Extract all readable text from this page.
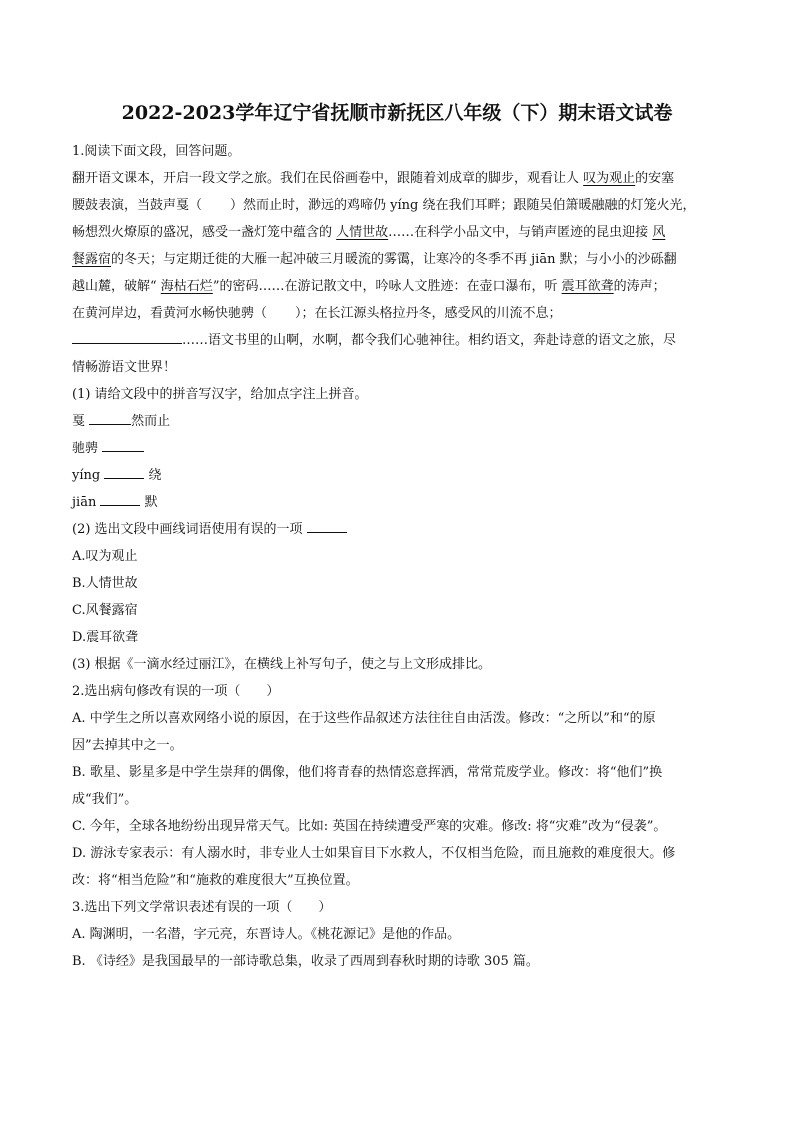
2022-2023学年辽宁省抚顺市新抚区八年级（下）期末语文试卷
1.阅读下面文段，回答问题。
翻开语文课本，开启一段文学之旅。我们在民俗画卷中，跟随着刘成章的脚步，观看让人 叹为观止的安塞
腰鼓表演，当鼓声戛（ ）然而止时，渺远的鸡啼仍 yíng 绕在我们耳畔；跟随吴伯箫暖融融的灯笼火光，
畅想烈火燎原的盛况，感受一盏灯笼中蕴含的 人情世故……在科学小品文中，与销声匿迹的昆虫迎接 风
餐露宿的冬天；与定期迁徙的大雁一起冲破三月暖流的雾霭，让寒冷的冬季不再 jiān 默；与小小的沙砾翻
越山麓，破解“ 海枯石烂”的密码……在游记散文中，吟咏人文胜迹：在壶口瀑布，听 震耳欲聋的涛声；
在黄河岸边，看黄河水畅快驰骋（ ）；在长江源头格拉丹冬，感受风的川流不息；
……语文书里的山啊，水啊，都令我们心驰神往。相约语文，奔赴诗意的语文之旅，尽
情畅游语文世界！
(1) 请给文段中的拼音写汉字，给加点字注上拼音。
戛	然而止
驰骋
yíng	绕
jiān	默
(2) 选出文段中画线词语使用有误的一项
A.叹为观止
B.人情世故
C.风餐露宿
D.震耳欲聋
(3) 根据《一滴水经过丽江》，在横线上补写句子，使之与上文形成排比。
2.选出病句修改有误的一项（　　）
A. 中学生之所以喜欢网络小说的原因，在于这些作品叙述方法往往自由活泼。修改：“之所以”和“的原
因”去掉其中之一。
B. 歌星、影星多是中学生崇拜的偶像，他们将青春的热情恣意挥洒，常常荒废学业。修改：将“他们”换
成“我们”。
C. 今年，全球各地纷纷出现异常天气。比如: 英国在持续遭受严寒的灾难。修改: 将“灾难”改为“侵袭”。
D. 游泳专家表示：有人溺水时，非专业人士如果盲目下水救人，不仅相当危险，而且施救的难度很大。修
改：将“相当危险”和“施救的难度很大”互换位置。
3.选出下列文学常识表述有误的一项（　　）
A. 陶渊明，一名潜，字元亮，东晋诗人。《桃花源记》是他的作品。
B. 《诗经》是我国最早的一部诗歌总集，收录了西周到春秋时期的诗歌 305 篇。
